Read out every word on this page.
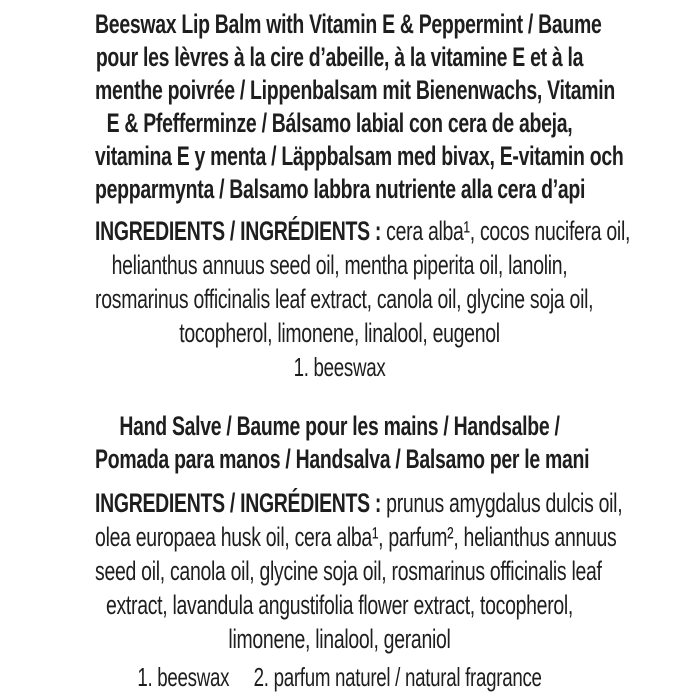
Beeswax Lip Balm with Vitamin E & Peppermint / Baume
pour les lèvres à la cire d’abeille, à la vitamine E et à la
menthe poivrée / Lippenbalsam mit Bienenwachs, Vitamin
E & Pfefferminze / Bálsamo labial con cera de abeja,
vitamina E y menta / Läppbalsam med bivax, E-vitamin och
pepparmynta / Balsamo labbra nutriente alla cera d’api
INGREDIENTS / INGRÉDIENTS : cera alba¹, cocos nucifera oil,
helianthus annuus seed oil, mentha piperita oil, lanolin,
rosmarinus officinalis leaf extract, canola oil, glycine soja oil,
tocopherol, limonene, linalool, eugenol
1. beeswax
Hand Salve / Baume pour les mains / Handsalbe /
Pomada para manos / Handsalva / Balsamo per le mani
INGREDIENTS / INGRÉDIENTS : prunus amygdalus dulcis oil,
olea europaea husk oil, cera alba¹, parfum², helianthus annuus
seed oil, canola oil, glycine soja oil, rosmarinus officinalis leaf
extract, lavandula angustifolia flower extract, tocopherol,
limonene, linalool, geraniol
1. beeswax 2. parfum naturel / natural fragrance
